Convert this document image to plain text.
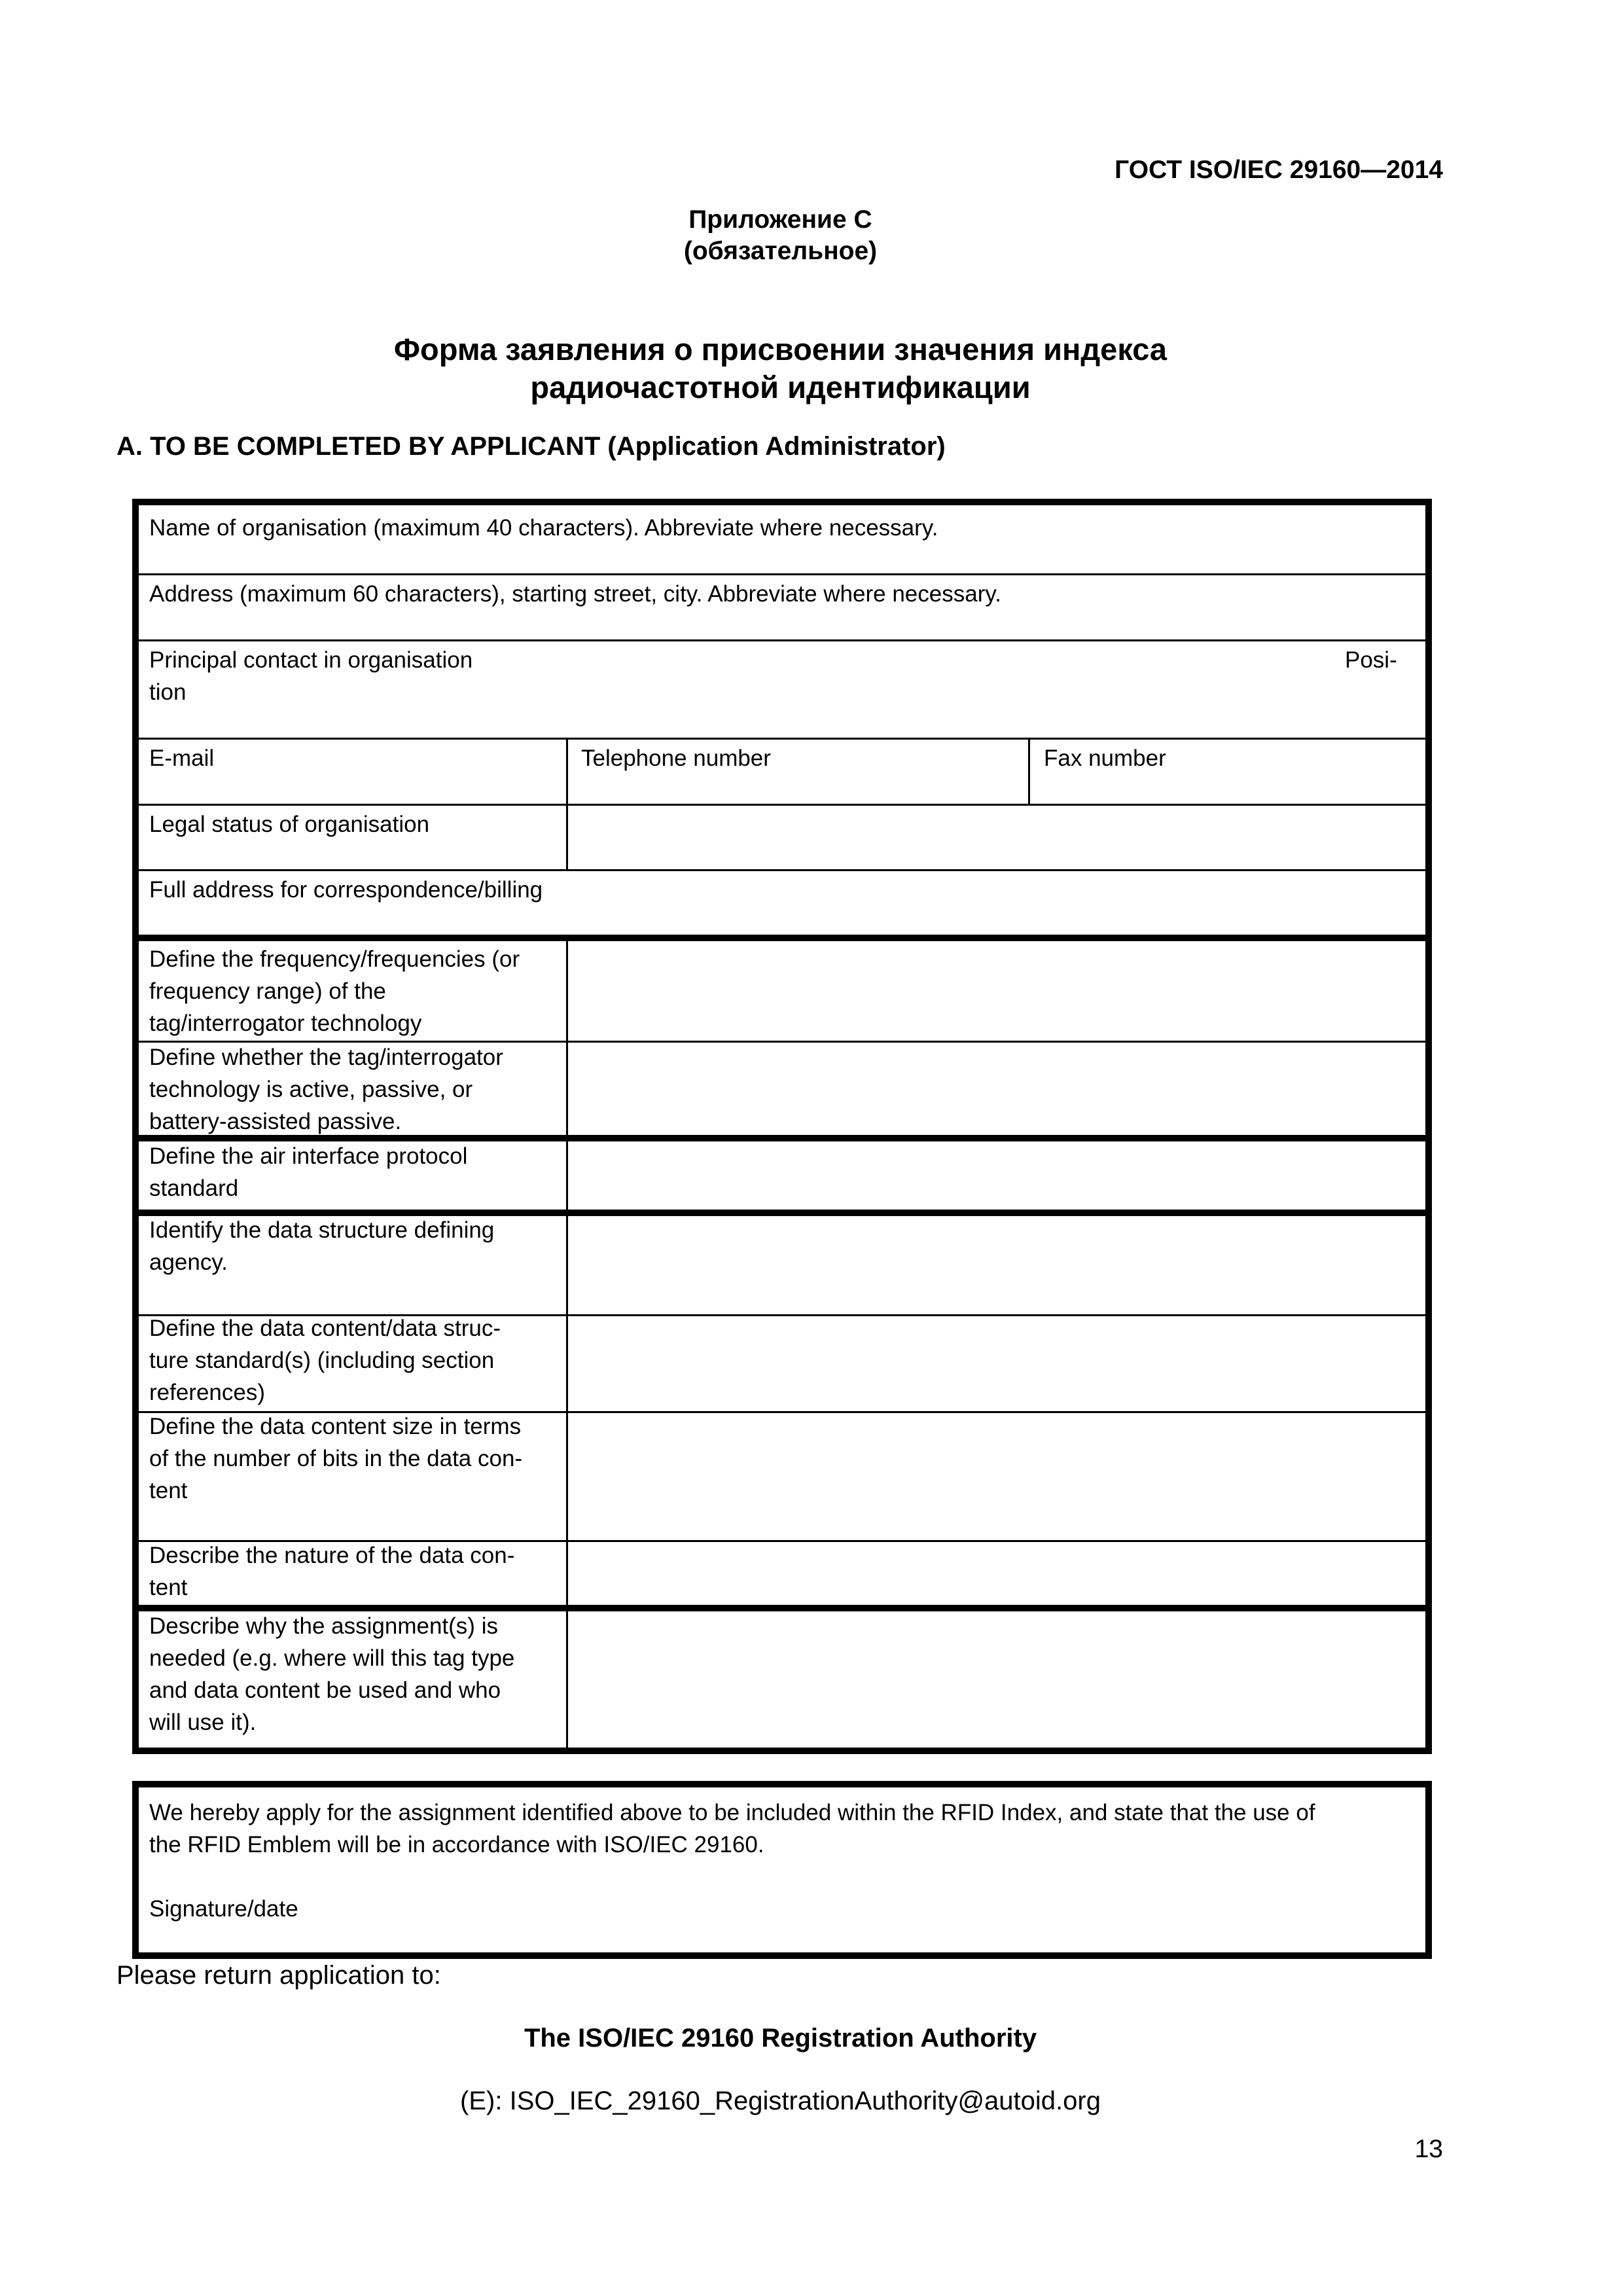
ГОСТ ISO/IEC 29160—2014
Приложение С
(обязательное)
Форма заявления о присвоении значения индекса
радиочастотной идентификации
A. TO BE COMPLETED BY APPLICANT (Application Administrator)
Name of organisation (maximum 40 characters). Abbreviate where necessary.
Address (maximum 60 characters), starting street, city. Abbreviate where necessary.
Principal contact in organisation	Posi-
tion
E-mail	Telephone number	Fax number
Legal status of organisation
Full address for correspondence/billing
Define the frequency/frequencies (or
frequency range) of the
tag/interrogator technology
Define whether the tag/interrogator
technology is active, passive, or
battery-assisted passive.
Define the air interface protocol
standard
Identify the data structure defining
agency.
Define the data content/data struc-
ture standard(s) (including section
references)
Define the data content size in terms
of the number of bits in the data con-
tent
Describe the nature of the data con-
tent
Describe why the assignment(s) is
needed (e.g. where will this tag type
and data content be used and who
will use it).
We hereby apply for the assignment identified above to be included within the RFID Index, and state that the use of
the RFID Emblem will be in accordance with ISO/IEC 29160.
Signature/date
Please return application to:
The ISO/IEC 29160 Registration Authority
(E): ISO_IEC_29160_RegistrationAuthority@autoid.org
13
